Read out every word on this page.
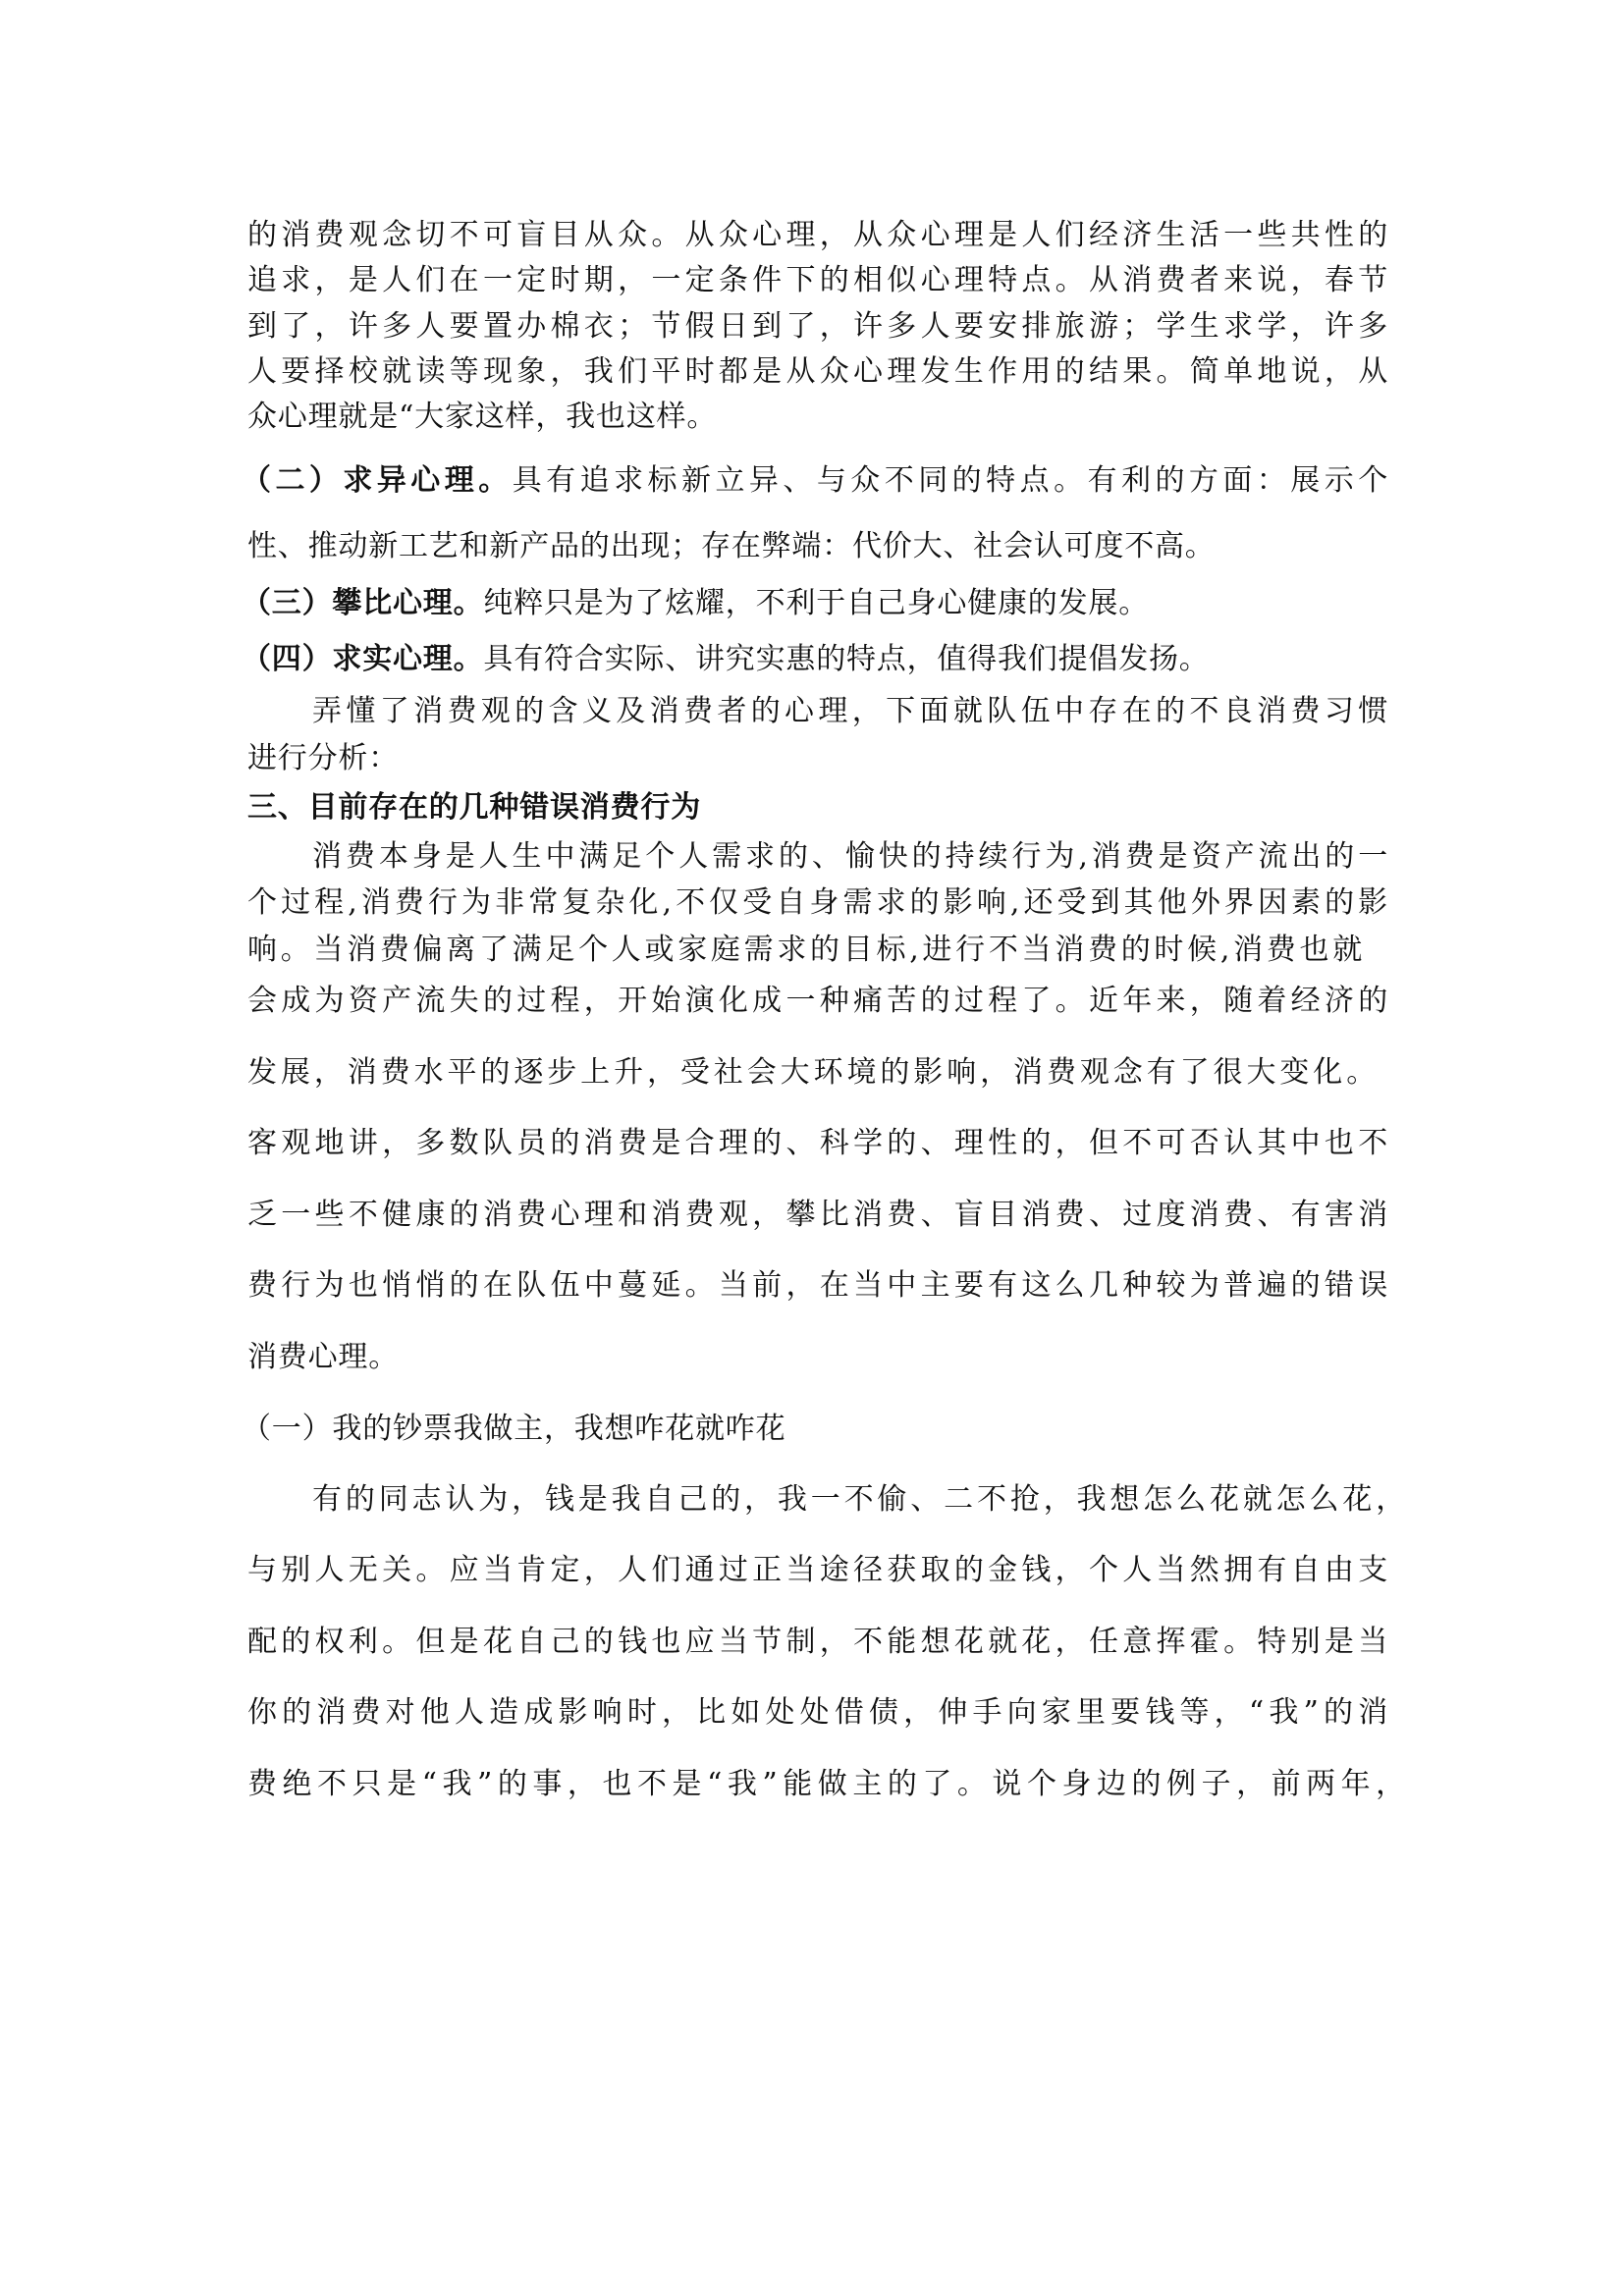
的消费观念切不可盲目从众。从众心理，从众心理是人们经济生活一些共性的
追求，是人们在一定时期，一定条件下的相似心理特点。从消费者来说，春节
到了，许多人要置办棉衣；节假日到了，许多人要安排旅游；学生求学，许多
人要择校就读等现象，我们平时都是从众心理发生作用的结果。简单地说，从
众心理就是“大家这样，我也这样。
（二）求异心理。具有追求标新立异、与众不同的特点。有利的方面：展示个
性、推动新工艺和新产品的出现；存在弊端：代价大、社会认可度不高。
（三）攀比心理。纯粹只是为了炫耀，不利于自己身心健康的发展。
（四）求实心理。具有符合实际、讲究实惠的特点，值得我们提倡发扬。
弄懂了消费观的含义及消费者的心理，下面就队伍中存在的不良消费习惯
进行分析：
三、目前存在的几种错误消费行为
消费本身是人生中满足个人需求的、愉快的持续行为,消费是资产流出的一
个过程,消费行为非常复杂化,不仅受自身需求的影响,还受到其他外界因素的影
响。当消费偏离了满足个人或家庭需求的目标,进行不当消费的时候,消费也就
会成为资产流失的过程，开始演化成一种痛苦的过程了。近年来，随着经济的
发展，消费水平的逐步上升，受社会大环境的影响，消费观念有了很大变化。
客观地讲，多数队员的消费是合理的、科学的、理性的，但不可否认其中也不
乏一些不健康的消费心理和消费观，攀比消费、盲目消费、过度消费、有害消
费行为也悄悄的在队伍中蔓延。当前，在当中主要有这么几种较为普遍的错误
消费心理。
（一）我的钞票我做主，我想咋花就咋花
有的同志认为，钱是我自己的，我一不偷、二不抢，我想怎么花就怎么花，
与别人无关。应当肯定，人们通过正当途径获取的金钱，个人当然拥有自由支
配的权利。但是花自己的钱也应当节制，不能想花就花，任意挥霍。特别是当
你的消费对他人造成影响时，比如处处借债，伸手向家里要钱等，“我”的消
费绝不只是“我”的事，也不是“我”能做主的了。说个身边的例子，前两年，
